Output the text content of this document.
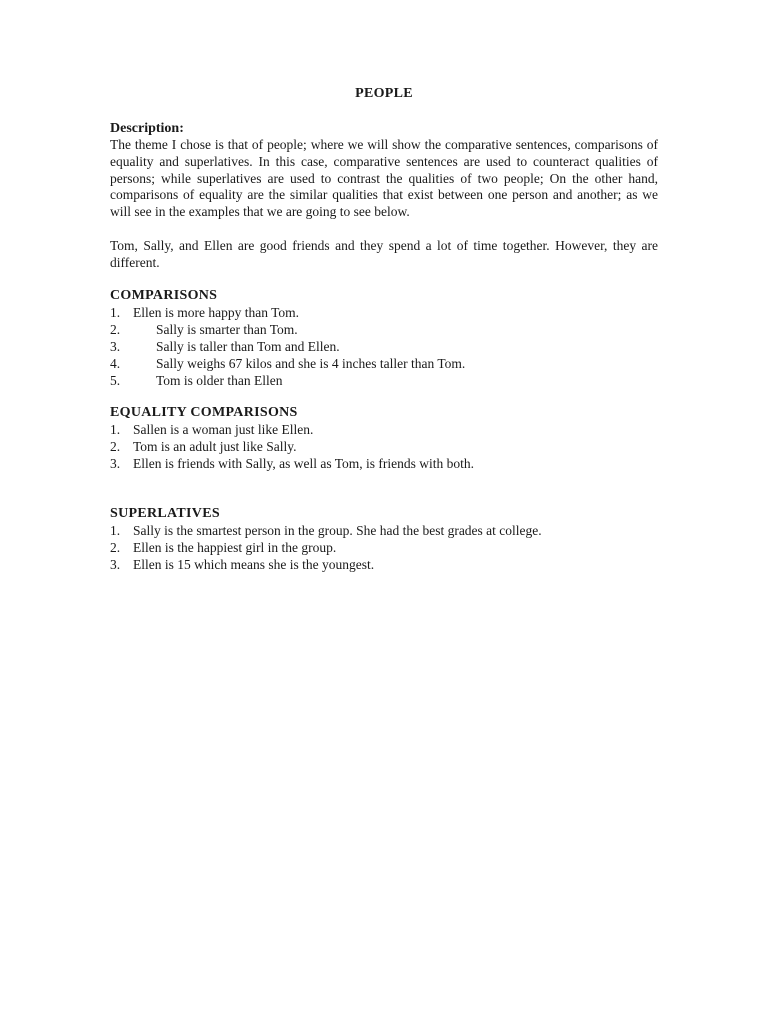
PEOPLE
Description:

The theme I chose is that of people; where we will show the comparative sentences, comparisons of equality and superlatives. In this case, comparative sentences are used to counteract qualities of persons; while superlatives are used to contrast the qualities of two people; On the other hand, comparisons of equality are the similar qualities that exist between one person and another; as we will see in the examples that we are going to see below.

Tom, Sally, and Ellen are good friends and they spend a lot of time together. However, they are different.

COMPARISONS
1. Ellen is more happy than Tom.
2.	Sally is smarter than Tom.
3.	Sally is taller than Tom and Ellen.
4.	Sally weighs 67 kilos and she is 4 inches taller than Tom.
5.	Tom is older than Ellen
EQUALITY COMPARISONS
1. Sallen is a woman just like Ellen.
2. Tom is an adult just like Sally.
3. Ellen is friends with Sally, as well as Tom, is friends with both.
SUPERLATIVES
1. Sally is the smartest person in the group. She had the best grades at college.
2. Ellen is the happiest girl in the group.
3. Ellen is 15 which means she is the youngest.
